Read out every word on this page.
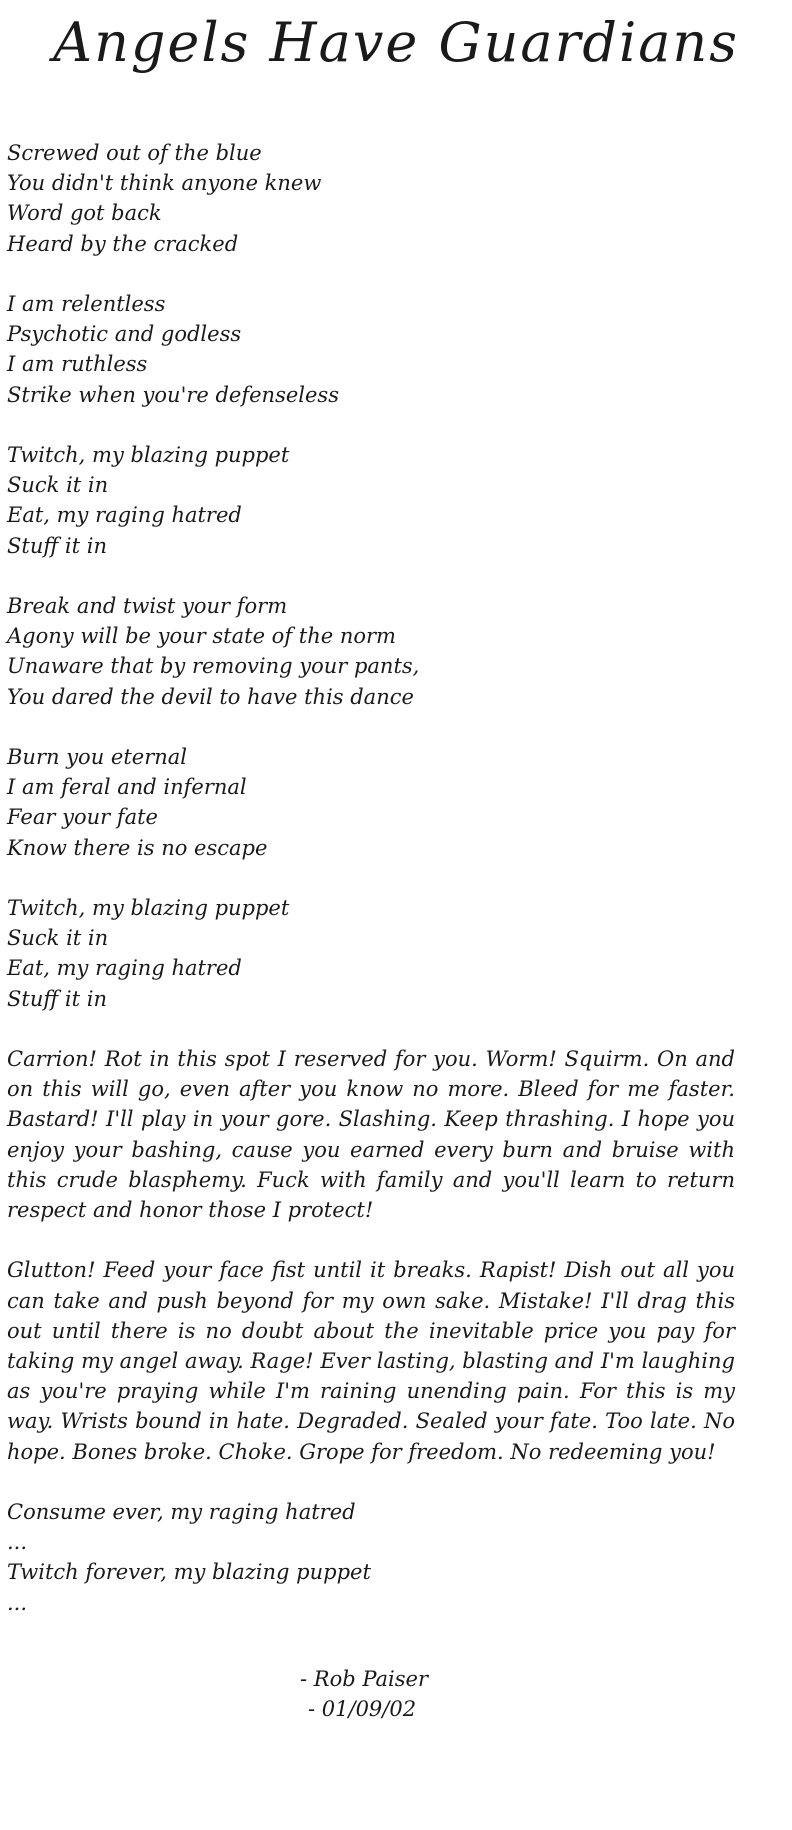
Angels Have Guardians
Screwed out of the blue
You didn't think anyone knew
Word got back
Heard by the cracked
I am relentless
Psychotic and godless
I am ruthless
Strike when you're defenseless
Twitch, my blazing puppet
Suck it in
Eat, my raging hatred
Stuff it in
Break and twist your form
Agony will be your state of the norm
Unaware that by removing your pants,
You dared the devil to have this dance
Burn you eternal
I am feral and infernal
Fear your fate
Know there is no escape
Twitch, my blazing puppet
Suck it in
Eat, my raging hatred
Stuff it in

Carrion! Rot in this spot I reserved for you. Worm! Squirm. On and on this will go, even after you know no more. Bleed for me faster. Bastard! I'll play in your gore. Slashing. Keep thrashing. I hope you enjoy your bashing, cause you earned every burn and bruise with this crude blasphemy. Fuck with family and you'll learn to return respect and honor those I protect!

Glutton! Feed your face fist until it breaks. Rapist! Dish out all you can take and push beyond for my own sake. Mistake! I'll drag this out until there is no doubt about the inevitable price you pay for taking my angel away. Rage! Ever lasting, blasting and I'm laughing as you're praying while I'm raining unending pain. For this is my way. Wrists bound in hate. Degraded. Sealed your fate. Too late. No hope. Bones broke. Choke. Grope for freedom. No redeeming you!

Consume ever, my raging hatred
...
Twitch forever, my blazing puppet
...
- Rob Paiser
- 01/09/02
